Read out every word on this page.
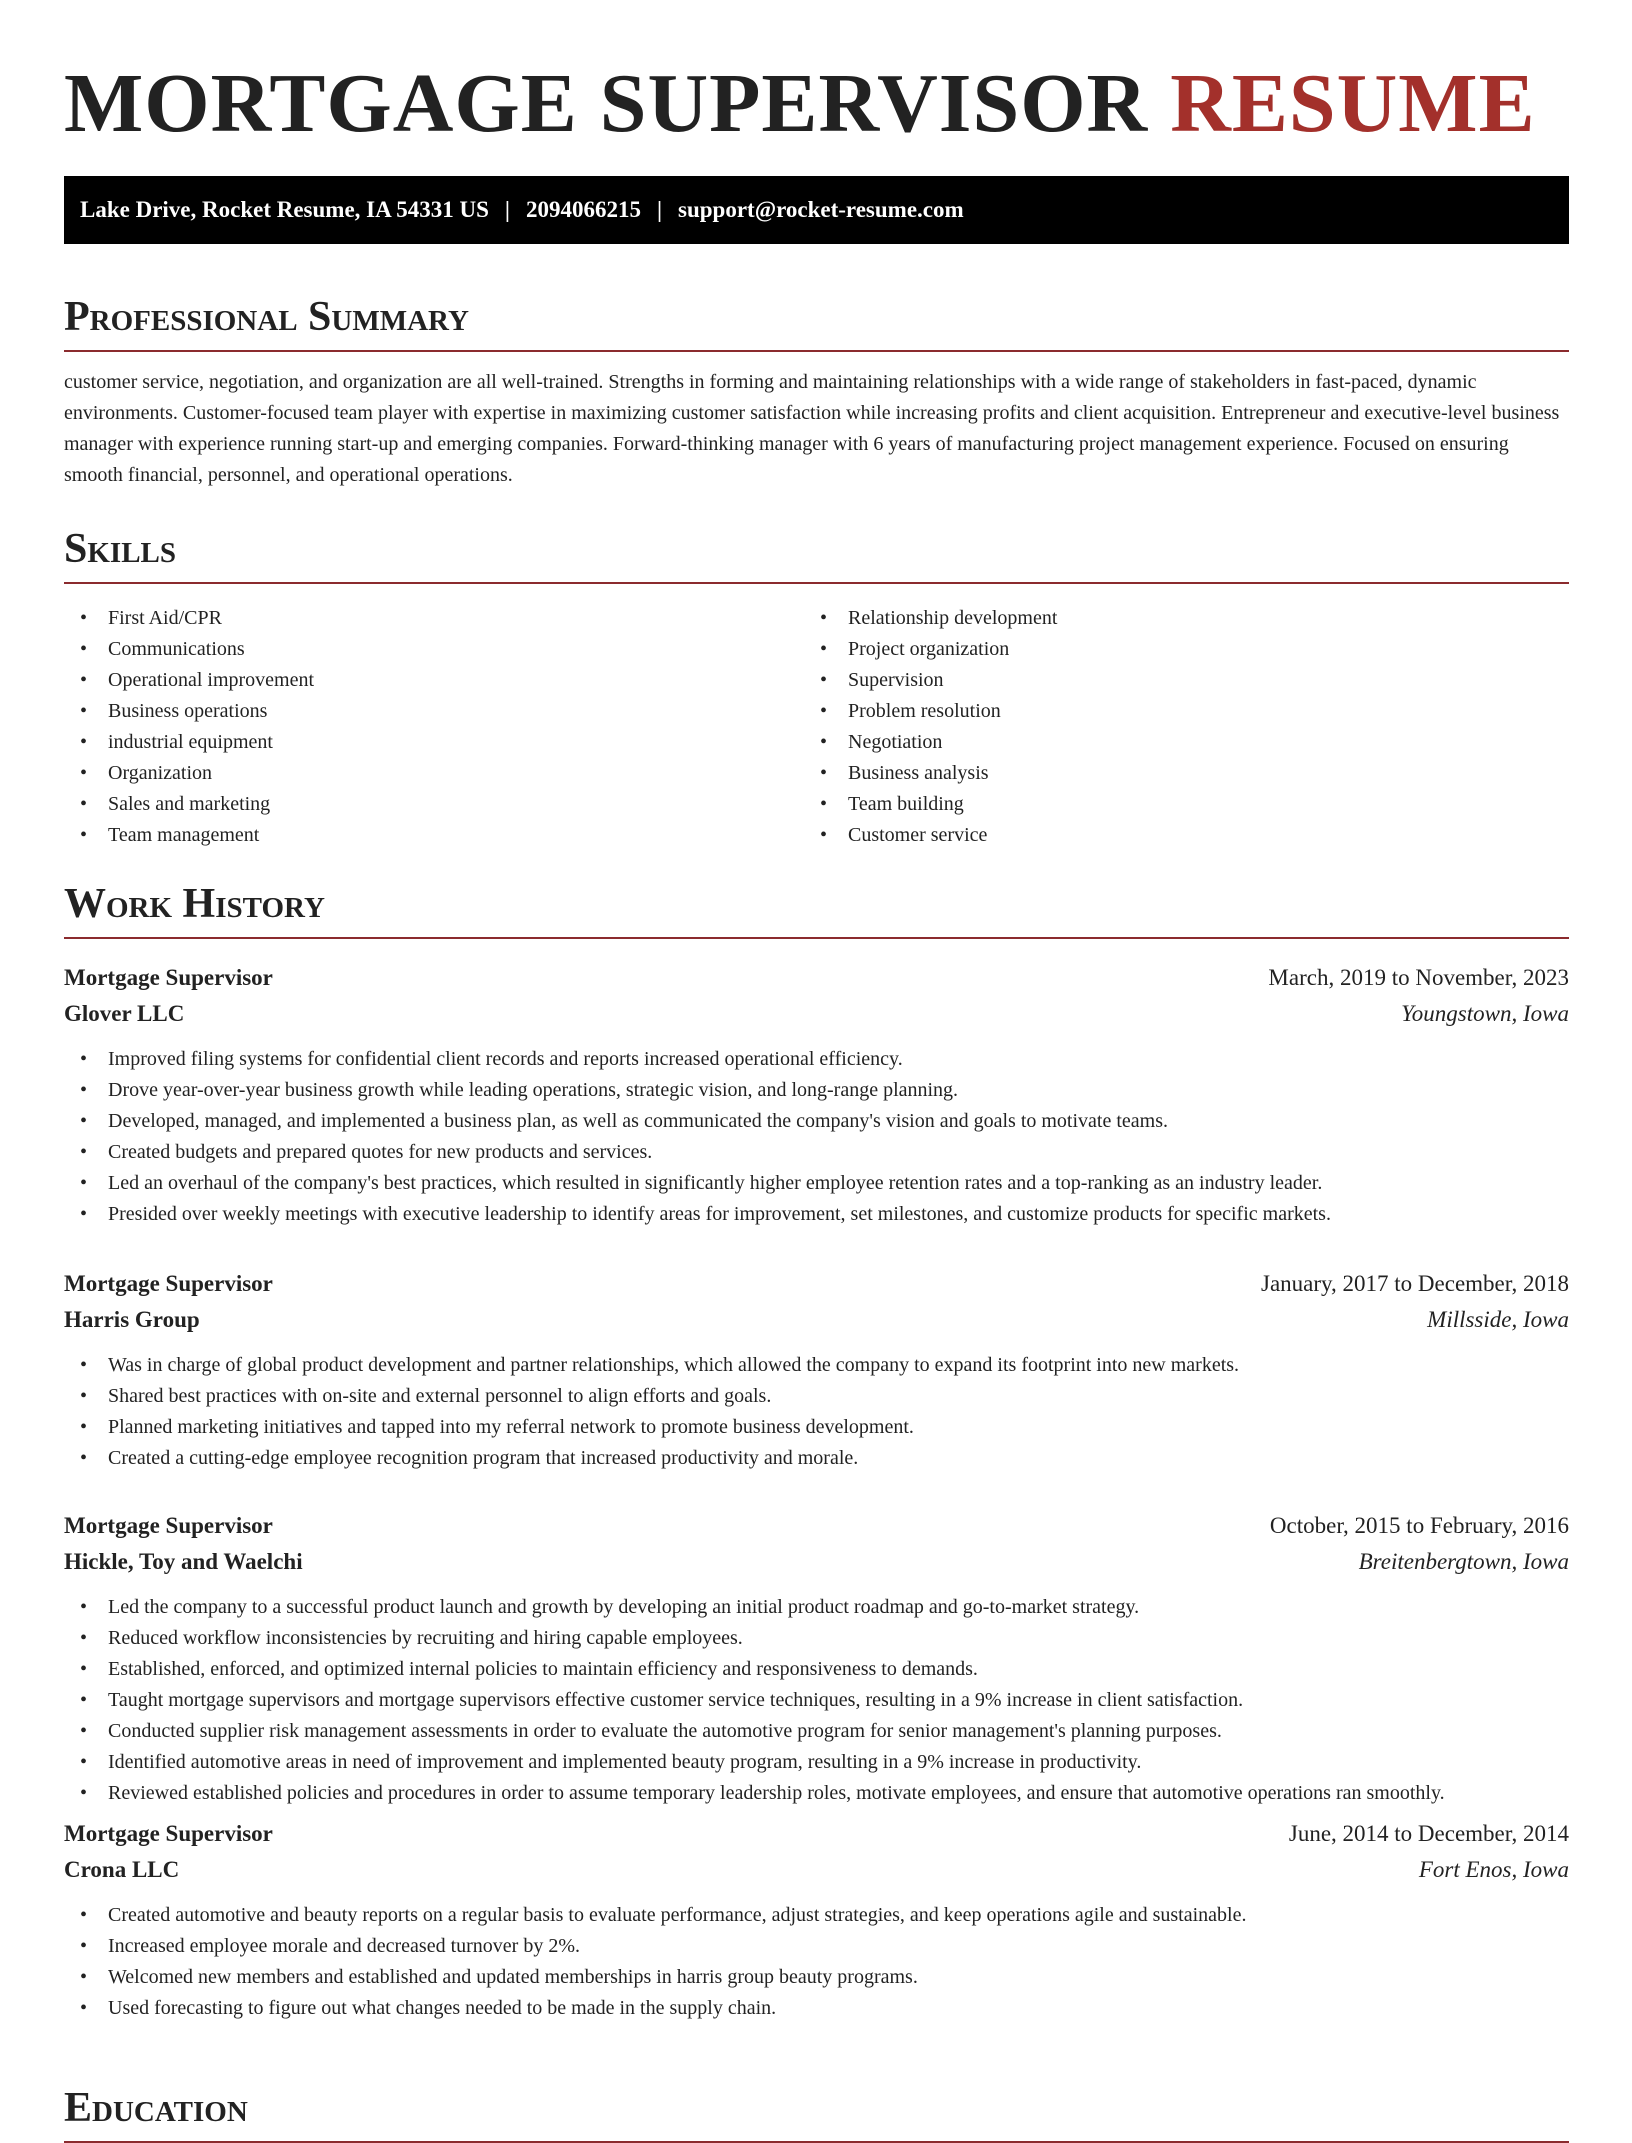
MORTGAGE SUPERVISOR RESUME
Lake Drive, Rocket Resume, IA 54331 US | 2094066215 | support@rocket-resume.com
Professional Summary

customer service, negotiation, and organization are all well-trained. Strengths in forming and maintaining relationships with a wide range of stakeholders in fast-paced, dynamic environments. Customer-focused team player with expertise in maximizing customer satisfaction while increasing profits and client acquisition. Entrepreneur and executive-level business manager with experience running start-up and emerging companies. Forward-thinking manager with 6 years of manufacturing project management experience. Focused on ensuring smooth financial, personnel, and operational operations.

Skills
• First Aid/CPR
• Communications
• Operational improvement
• Business operations
• industrial equipment
• Organization
• Sales and marketing
• Team management
• Relationship development
• Project organization
• Supervision
• Problem resolution
• Negotiation
• Business analysis
• Team building
• Customer service
Work History
Mortgage Supervisor	March, 2019 to November, 2023
Glover LLC	Youngstown, Iowa
• Improved filing systems for confidential client records and reports increased operational efficiency.
• Drove year-over-year business growth while leading operations, strategic vision, and long-range planning.
• Developed, managed, and implemented a business plan, as well as communicated the company's vision and goals to motivate teams.
• Created budgets and prepared quotes for new products and services.
• Led an overhaul of the company's best practices, which resulted in significantly higher employee retention rates and a top-ranking as an industry leader.
• Presided over weekly meetings with executive leadership to identify areas for improvement, set milestones, and customize products for specific markets.
Mortgage Supervisor	January, 2017 to December, 2018
Harris Group	Millsside, Iowa
• Was in charge of global product development and partner relationships, which allowed the company to expand its footprint into new markets.
• Shared best practices with on-site and external personnel to align efforts and goals.
• Planned marketing initiatives and tapped into my referral network to promote business development.
• Created a cutting-edge employee recognition program that increased productivity and morale.
Mortgage Supervisor	October, 2015 to February, 2016
Hickle, Toy and Waelchi	Breitenbergtown, Iowa
• Led the company to a successful product launch and growth by developing an initial product roadmap and go-to-market strategy.
• Reduced workflow inconsistencies by recruiting and hiring capable employees.
• Established, enforced, and optimized internal policies to maintain efficiency and responsiveness to demands.
• Taught mortgage supervisors and mortgage supervisors effective customer service techniques, resulting in a 9% increase in client satisfaction.
• Conducted supplier risk management assessments in order to evaluate the automotive program for senior management's planning purposes.
• Identified automotive areas in need of improvement and implemented beauty program, resulting in a 9% increase in productivity.
• Reviewed established policies and procedures in order to assume temporary leadership roles, motivate employees, and ensure that automotive operations ran smoothly.
Mortgage Supervisor	June, 2014 to December, 2014
Crona LLC	Fort Enos, Iowa
• Created automotive and beauty reports on a regular basis to evaluate performance, adjust strategies, and keep operations agile and sustainable.
• Increased employee morale and decreased turnover by 2%.
• Welcomed new members and established and updated memberships in harris group beauty programs.
• Used forecasting to figure out what changes needed to be made in the supply chain.
Education
